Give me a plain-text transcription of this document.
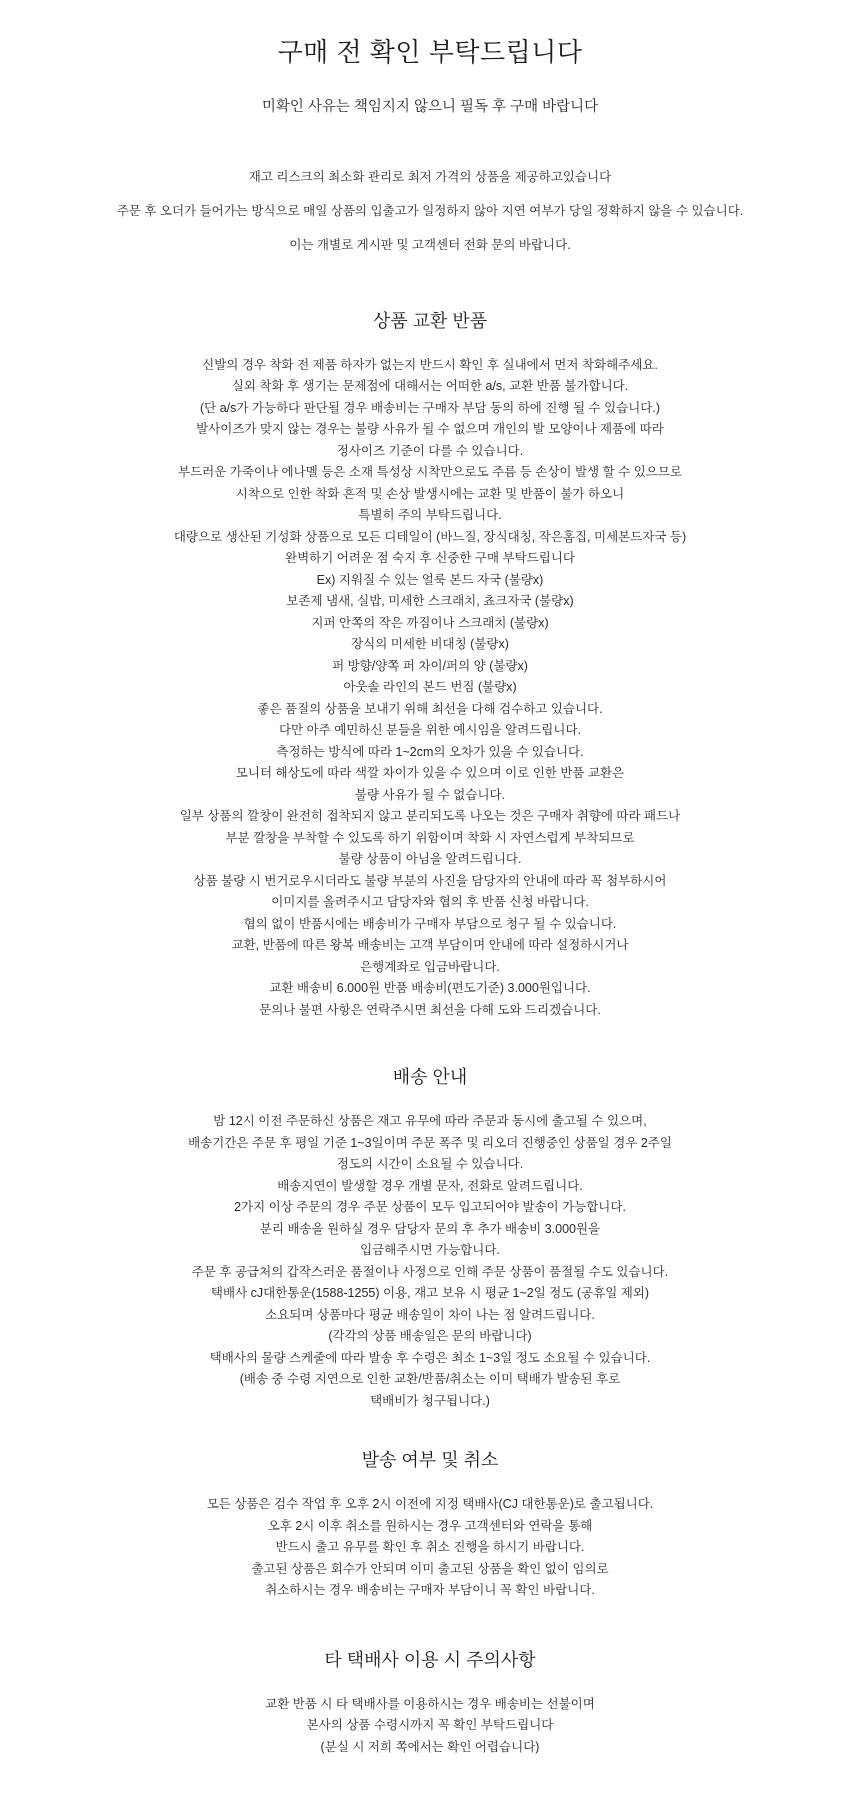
구매 전 확인 부탁드립니다
미확인 사유는 책임지지 않으니 필독 후 구매 바랍니다

재고 리스크의 최소화 관리로 최저 가격의 상품을 제공하고있습니다

주문 후 오더가 들어가는 방식으로 매일 상품의 입출고가 일정하지 않아 지연 여부가 당일 정확하지 않을 수 있습니다.

이는 개별로 게시판 및 고객센터 전화 문의 바랍니다.

상품 교환 반품

신발의 경우 착화 전 제품 하자가 없는지 반드시 확인 후 실내에서 먼저 착화해주세요.

실외 착화 후 생기는 문제점에 대해서는 어떠한 a/s, 교환 반품 불가합니다.

(단 a/s가 가능하다 판단될 경우 배송비는 구매자 부담 동의 하에 진행 될 수 있습니다.)

발사이즈가 맞지 않는 경우는 불량 사유가 될 수 없으며 개인의 발 모양이나 제품에 따라

정사이즈 기준이 다를 수 있습니다.

부드러운 가죽이나 에나멜 등은 소재 특성상 시착만으로도 주름 등 손상이 발생 할 수 있으므로

시착으로 인한 착화 흔적 및 손상 발생시에는 교환 및 반품이 불가 하오니

특별히 주의 부탁드립니다.

대량으로 생산된 기성화 상품으로 모든 디테일이 (바느질, 장식대칭, 작은홈집, 미세본드자국 등)

완벽하기 어려운 점 숙지 후 신중한 구매 부탁드립니다

Ex) 지워질 수 있는 얼룩 본드 자국 (불량x)

보존제 냄새, 실밥, 미세한 스크래치, 쵸크자국 (불량x)

지퍼 안쪽의 작은 까짐이나 스크래치 (불량x)

장식의 미세한 비대칭 (불량x)

퍼 방향/양쪽 퍼 차이/퍼의 양 (불량x)

아웃솔 라인의 본드 번짐 (불량x)

좋은 품질의 상품을 보내기 위해 최선을 다해 검수하고 있습니다.

다만 아주 예민하신 분들을 위한 예시임을 알려드립니다.

측정하는 방식에 따라 1~2cm의 오차가 있을 수 있습니다.

모니터 해상도에 따라 색깔 차이가 있을 수 있으며 이로 인한 반품 교환은

불량 사유가 될 수 없습니다.

일부 상품의 깔창이 완전히 접착되지 않고 분리되도록 나오는 것은 구매자 취향에 따라 패드나

부분 깔창을 부착할 수 있도록 하기 위함이며 착화 시 자연스럽게 부착되므로

불량 상품이 아님을 알려드립니다.

상품 불량 시 번거로우시더라도 불량 부분의 사진을 담당자의 안내에 따라 꼭 첨부하시어

이미지를 올려주시고 담당자와 협의 후 반품 신청 바랍니다.

협의 없이 반품시에는 배송비가 구매자 부담으로 청구 될 수 있습니다.

교환, 반품에 따른 왕복 배송비는 고객 부담이며 안내에 따라 설정하시거나

은행계좌로 입금바랍니다.

교환 배송비 6.000원 반품 배송비(편도기준) 3.000원입니다.

문의나 불편 사항은 연락주시면 최선을 다해 도와 드리겠습니다.

배송 안내

밤 12시 이전 주문하신 상품은 재고 유무에 따라 주문과 동시에 출고될 수 있으며,

배송기간은 주문 후 평일 기준 1~3일이며 주문 폭주 및 리오더 진행중인 상품일 경우 2주일

정도의 시간이 소요될 수 있습니다.

배송지연이 발생할 경우 개별 문자, 전화로 알려드립니다.

2가지 이상 주문의 경우 주문 상품이 모두 입고되어야 발송이 가능합니다.

분리 배송을 원하실 경우 담당자 문의 후 추가 배송비 3.000원을

입금해주시면 가능합니다.

주문 후 공급처의 갑작스러운 품절이나 사정으로 인해 주문 상품이 품절될 수도 있습니다.

택배사 cJ대한통운(1588-1255) 이용, 재고 보유 시 평균 1~2일 정도 (공휴일 제외)

소요되며 상품마다 평균 배송일이 차이 나는 점 알려드립니다.

(각각의 상품 배송일은 문의 바랍니다)

택배사의 물량 스케줄에 따라 발송 후 수령은 최소 1~3일 정도 소요될 수 있습니다.

(배송 중 수령 지연으로 인한 교환/반품/취소는 이미 택배가 발송된 후로

택배비가 청구됩니다.)

발송 여부 및 취소

모든 상품은 검수 작업 후 오후 2시 이전에 지정 택배사(CJ 대한통운)로 출고됩니다.

오후 2시 이후 취소를 원하시는 경우 고객센터와 연락을 통해

반드시 출고 유무를 확인 후 취소 진행을 하시기 바랍니다.

출고된 상품은 회수가 안되며 이미 출고된 상품을 확인 없이 임의로

취소하시는 경우 배송비는 구매자 부담이니 꼭 확인 바랍니다.

타 택배사 이용 시 주의사항

교환 반품 시 타 택배사를 이용하시는 경우 배송비는 선불이며

본사의 상품 수령시까지 꼭 확인 부탁드립니다

(분실 시 저희 쪽에서는 확인 어렵습니다)
